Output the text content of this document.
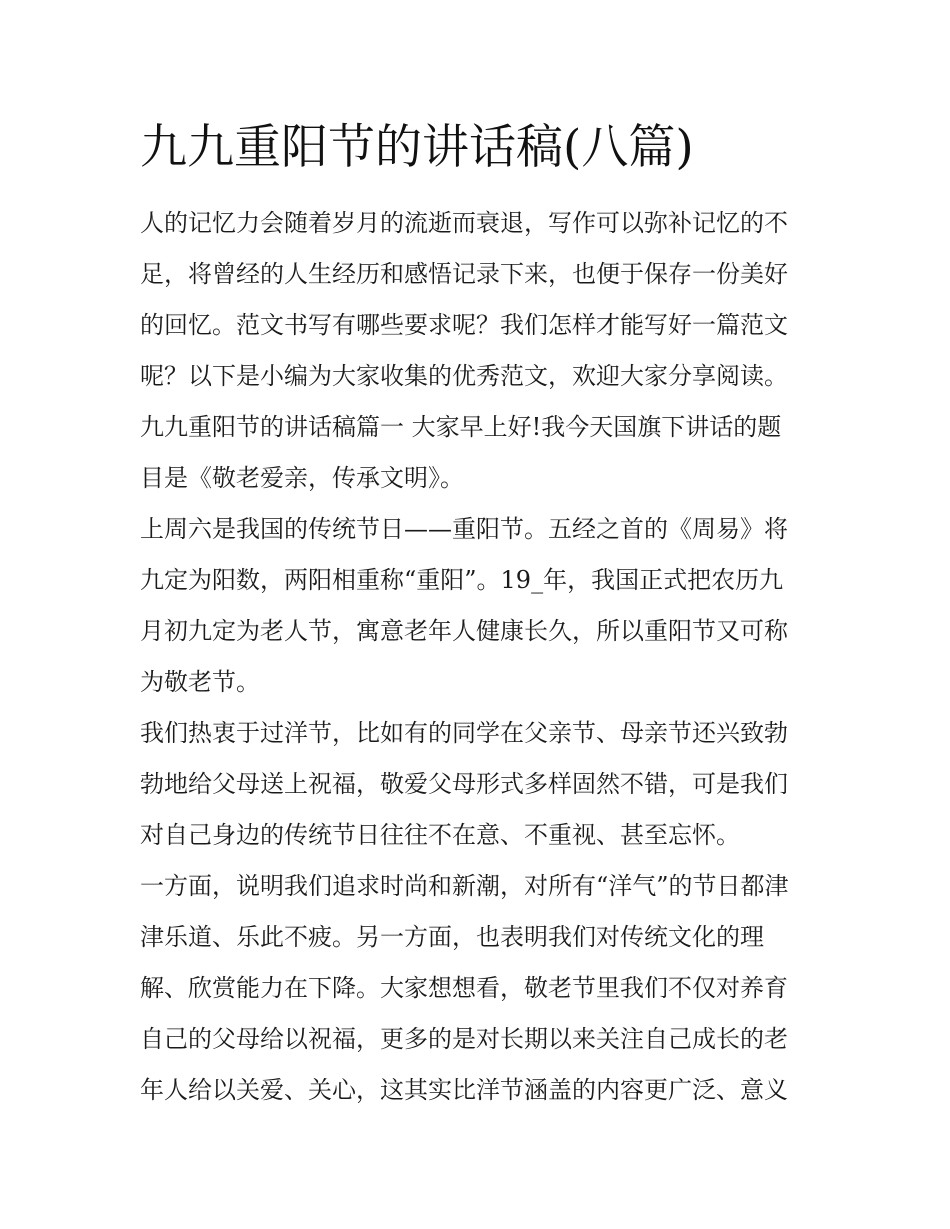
九九重阳节的讲话稿(八篇)

人的记忆力会随着岁月的流逝而衰退，写作可以弥补记忆的不

足，将曾经的人生经历和感悟记录下来，也便于保存一份美好

的回忆。范文书写有哪些要求呢？我们怎样才能写好一篇范文

呢？以下是小编为大家收集的优秀范文，欢迎大家分享阅读。

九九重阳节的讲话稿篇一 大家早上好!我今天国旗下讲话的题

目是《敬老爱亲，传承文明》。

上周六是我国的传统节日——重阳节。五经之首的《周易》将

九定为阳数，两阳相重称“重阳”。19_年，我国正式把农历九

月初九定为老人节，寓意老年人健康长久，所以重阳节又可称

为敬老节。

我们热衷于过洋节，比如有的同学在父亲节、母亲节还兴致勃

勃地给父母送上祝福，敬爱父母形式多样固然不错，可是我们

对自己身边的传统节日往往不在意、不重视、甚至忘怀。

一方面，说明我们追求时尚和新潮，对所有“洋气”的节日都津

津乐道、乐此不疲。另一方面，也表明我们对传统文化的理

解、欣赏能力在下降。大家想想看，敬老节里我们不仅对养育

自己的父母给以祝福，更多的是对长期以来关注自己成长的老

年人给以关爱、关心，这其实比洋节涵盖的内容更广泛、意义
